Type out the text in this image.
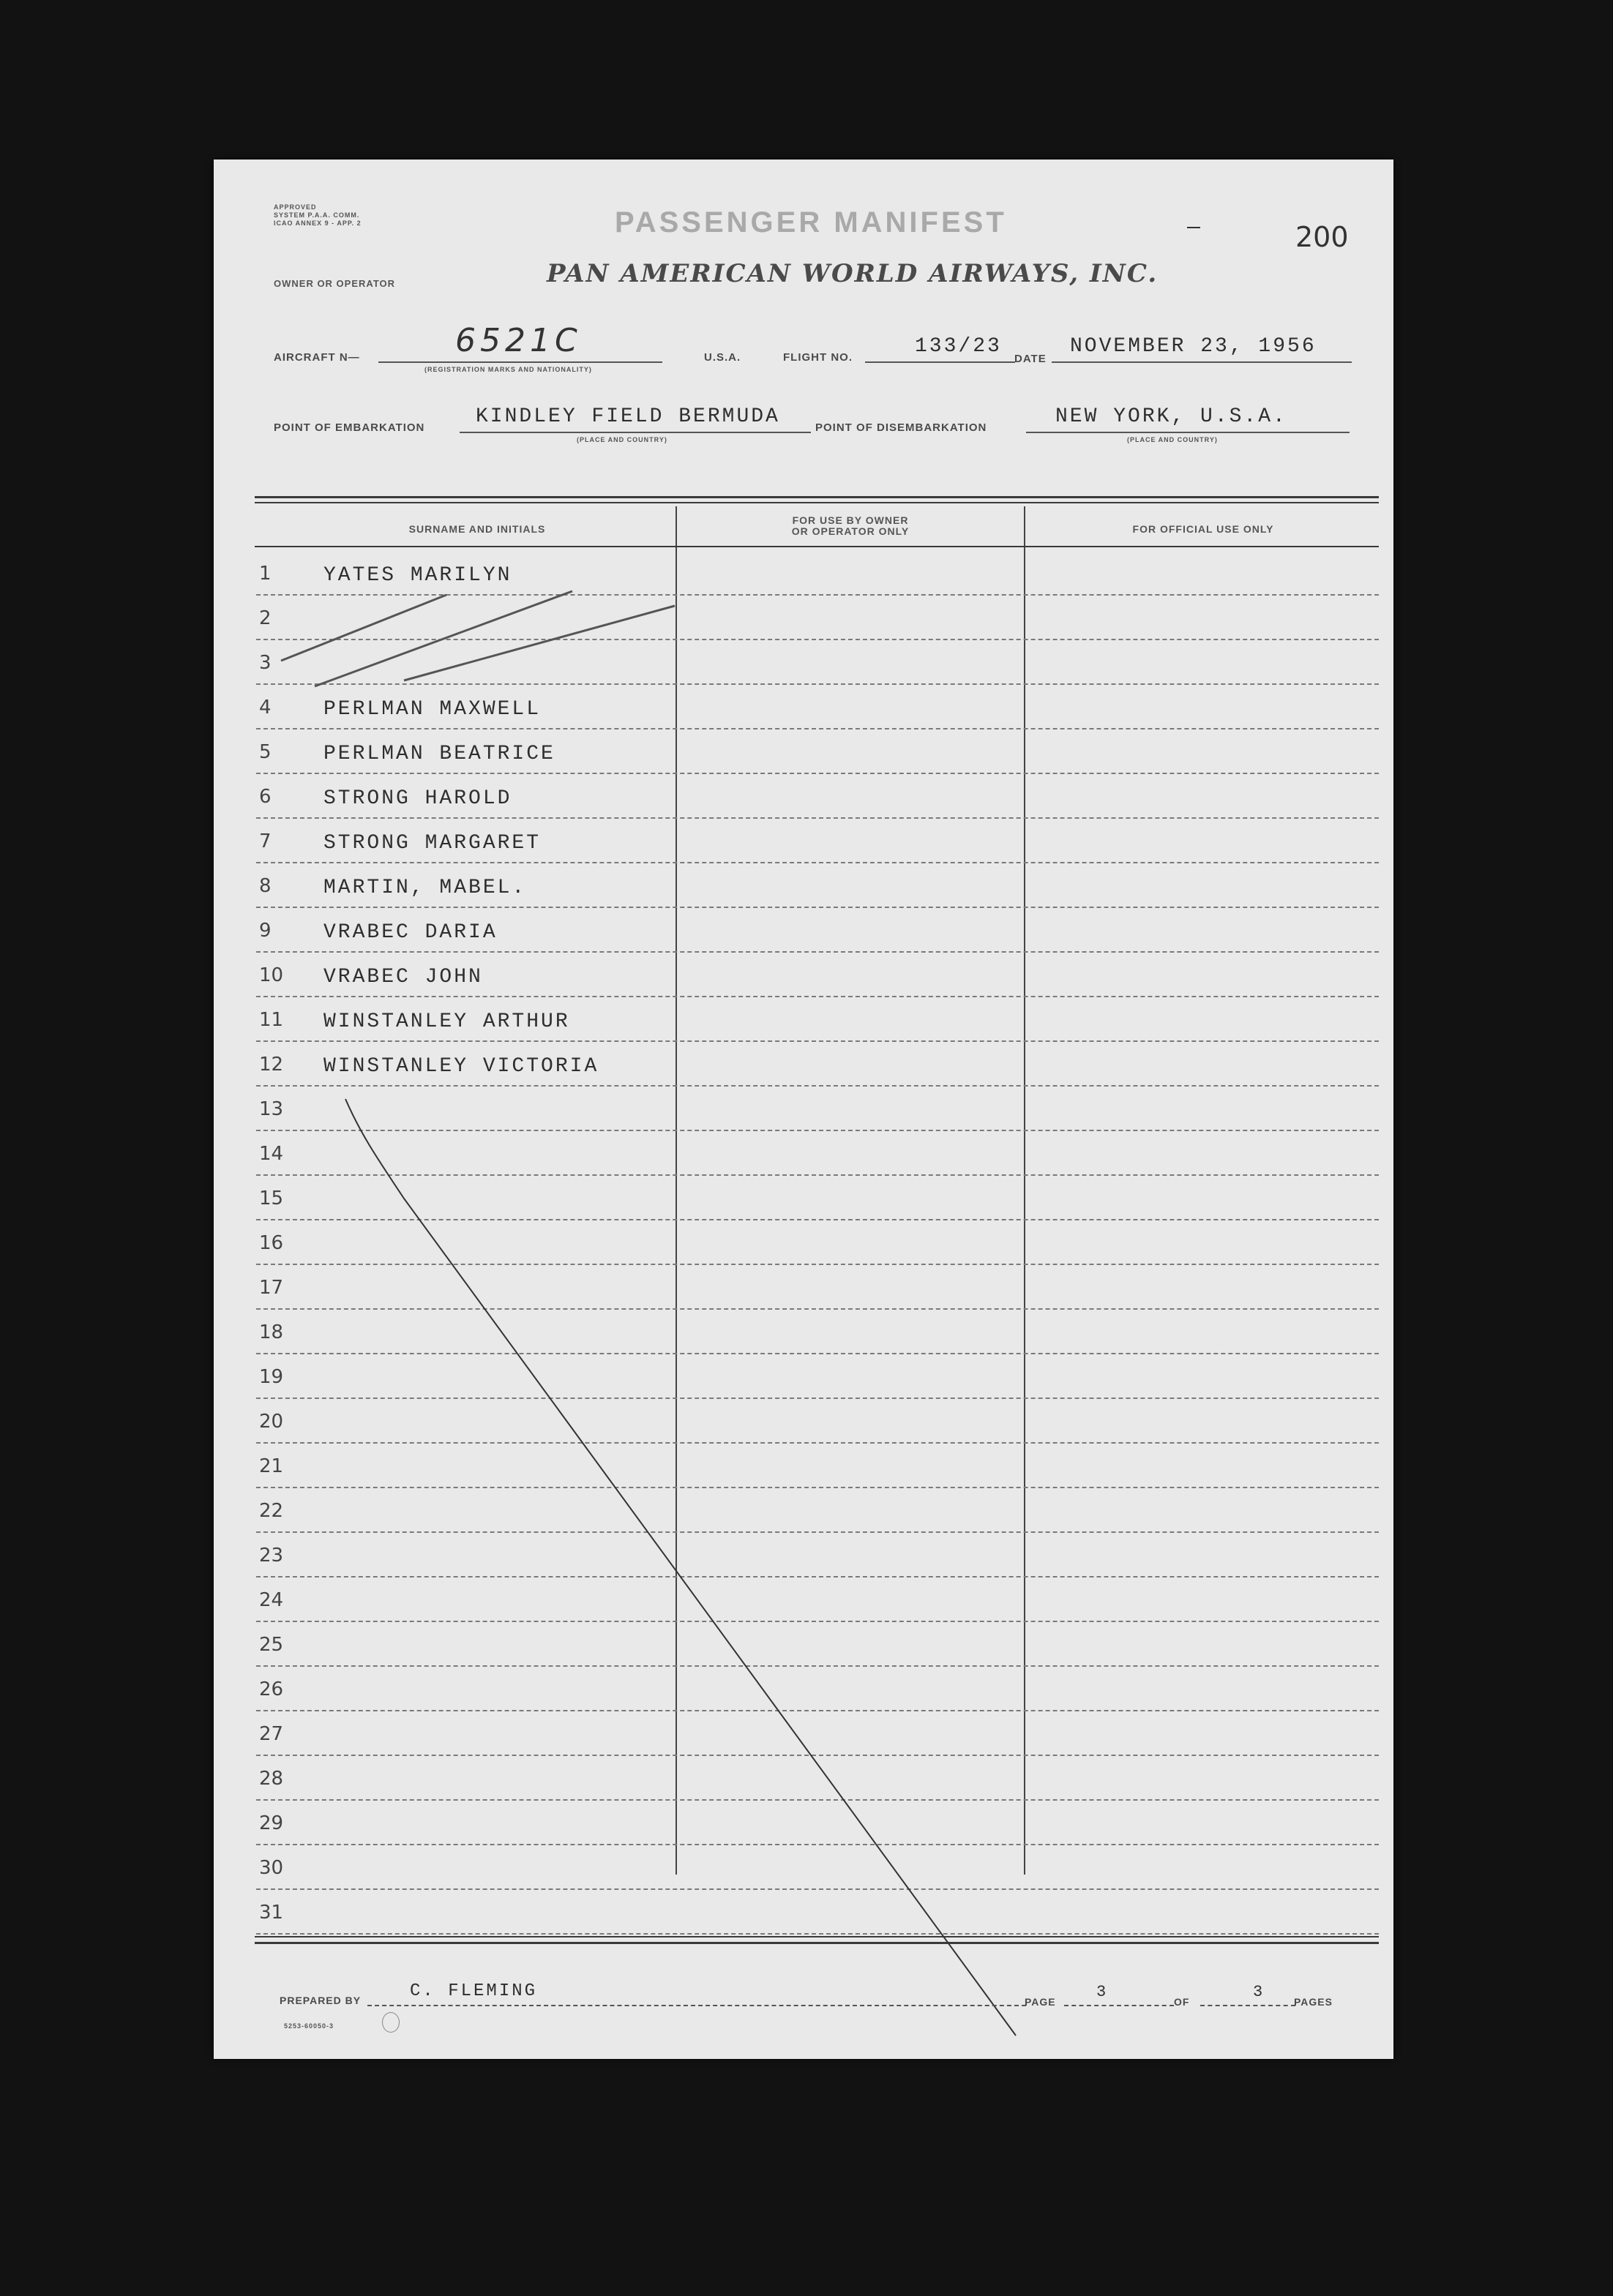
APPROVED
SYSTEM P.A.A. COMM.
ICAO ANNEX 9 - APP. 2	PASSENGER MANIFEST	200
OWNER OR OPERATOR	PAN AMERICAN WORLD AIRWAYS, INC.
AIRCRAFT N—	6521C
(REGISTRATION MARKS AND NATIONALITY)
U.S.A.	FLIGHT NO.	133/23
DATE
NOVEMBER 23, 1956
POINT OF EMBARKATION KINDLEY FIELD BERMUDA
(PLACE AND COUNTRY)
POINT OF DISEMBARKATION	NEW YORK, U.S.A.
(PLACE AND COUNTRY)
SURNAME AND INITIALS
FOR USE BY OWNER
OR OPERATOR ONLY	FOR OFFICIAL USE ONLY
1	YATES MARILYN
2
3
4	PERLMAN MAXWELL
5	PERLMAN BEATRICE
6	STRONG HAROLD
7	STRONG MARGARET
8	MARTIN, MABEL.
9	VRABEC DARIA
10 VRABEC JOHN
11 WINSTANLEY ARTHUR
12 WINSTANLEY VICTORIA
13
14
15
16
17
18
19
20
21
22
23
24
25
26
27
28
29
30
31
PREPARED BY	C. FLEMING
PAGE
3
OF
3
PAGES
5253-60050-3
